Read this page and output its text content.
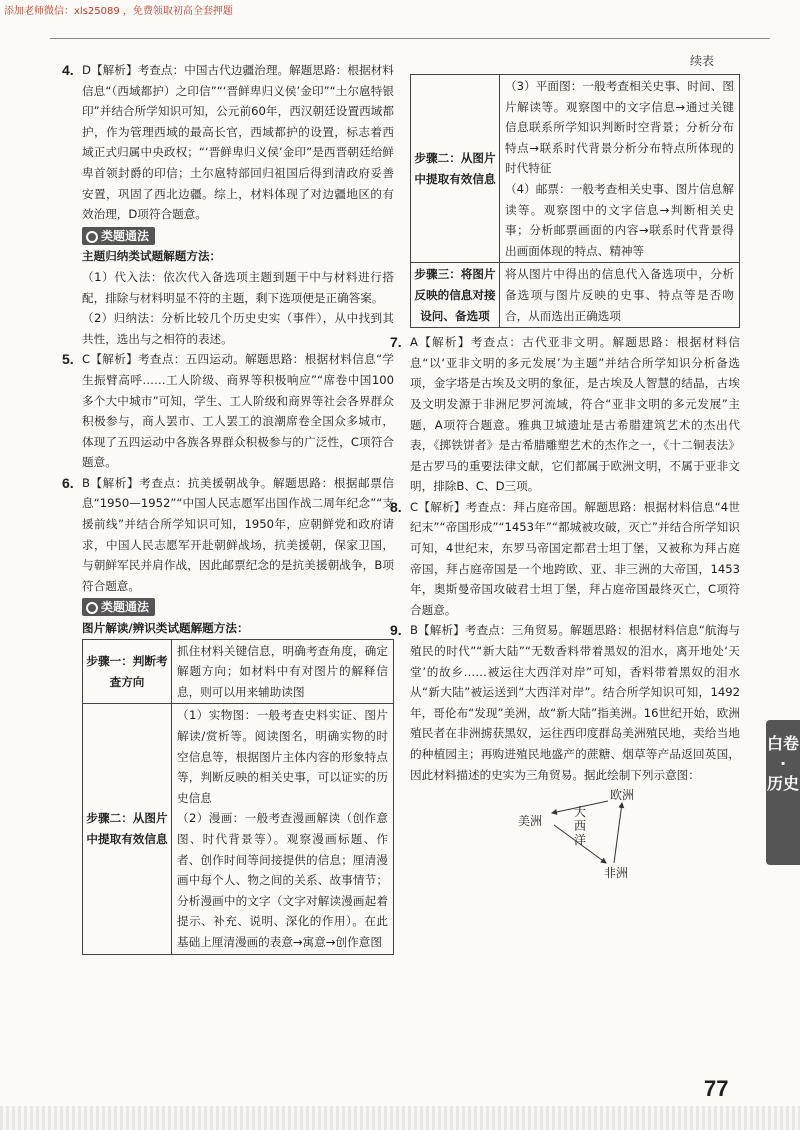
添加老师微信：xls25089 ，免费领取初高全套押题
续表
4. D【解析】考查点：中国古代边疆治理。解题思路：根据材料信息“（西域都护）之印信”“‘晋鲜卑归义侯’金印”“土尔扈特银印”并结合所学知识可知，公元前60年，西汉朝廷设置西域都护，作为管理西域的最高长官，西域都护的设置，标志着西域正式归属中央政权；“‘晋鲜卑归义侯’金印”是西晋朝廷给鲜卑首领封爵的印信；土尔扈特部回归祖国后得到清政府妥善安置，巩固了西北边疆。综上，材料体现了对边疆地区的有效治理，D项符合题意。

类题通法

主题归纳类试题解题方法：

（1）代入法：依次代入备选项主题到题干中与材料进行搭配，排除与材料明显不符的主题，剩下选项便是正确答案。

（2）归纳法：分析比较几个历史史实（事件），从中找到其共性，选出与之相符的表述。

5. C【解析】考查点：五四运动。解题思路：根据材料信息“学生振臂高呼……工人阶级、商界等积极响应”“席卷中国100多个大中城市”可知，学生、工人阶级和商界等社会各界群众积极参与，商人罢市、工人罢工的浪潮席卷全国众多城市，体现了五四运动中各族各界群众积极参与的广泛性，C项符合题意。

6. B【解析】考查点：抗美援朝战争。解题思路：根据邮票信息“1950—1952”“中国人民志愿军出国作战二周年纪念”“支援前线”并结合所学知识可知，1950年，应朝鲜党和政府请求，中国人民志愿军开赴朝鲜战场，抗美援朝，保家卫国，与朝鲜军民并肩作战，因此邮票纪念的是抗美援朝战争，B项符合题意。

类题通法

图片解读/辨识类试题解题方法：

步骤一：判断考查方向	抓住材料关键信息，明确考查角度，确定解题方向；如材料中有对图片的解释信息，则可以用来辅助读图
步骤二：从图片中提取有效信息	（1）实物图：一般考查史料实证、图片解读/赏析等。阅读图名，明确实物的时空信息等，根据图片主体内容的形象特点等，判断反映的相关史事，可以证实的历史信息

（2）漫画：一般考查漫画解读（创作意图、时代背景等）。观察漫画标题、作者、创作时间等间接提供的信息；厘清漫画中每个人、物之间的关系、故事情节；分析漫画中的文字（文字对解读漫画起着提示、补充、说明、深化的作用）。在此基础上厘清漫画的表意→寓意→创作意图

步骤二：从图片中提取有效信息	（3）平面图：一般考查相关史事、时间、图片解读等。观察图中的文字信息→通过关键信息联系所学知识判断时空背景；分析分布特点→联系时代背景分析分布特点所体现的时代特征

（4）邮票：一般考查相关史事、图片信息解读等。观察图中的文字信息→判断相关史事；分析邮票画面的内容→联系时代背景得出画面体现的特点、精神等

步骤三：将图片反映的信息对接设问、备选项	将从图片中得出的信息代入备选项中，分析备选项与图片反映的史事、特点等是否吻合，从而选出正确选项
7. A【解析】考查点：古代亚非文明。解题思路：根据材料信息“以‘亚非文明的多元发展’为主题”并结合所学知识分析备选项，金字塔是古埃及文明的象征，是古埃及人智慧的结晶，古埃及文明发源于非洲尼罗河流域，符合“亚非文明的多元发展”主题，A项符合题意。雅典卫城遗址是古希腊建筑艺术的杰出代表，《掷铁饼者》是古希腊雕塑艺术的杰作之一，《十二铜表法》是古罗马的重要法律文献，它们都属于欧洲文明，不属于亚非文明，排除B、C、D三项。

8. C【解析】考查点：拜占庭帝国。解题思路：根据材料信息“4世纪末”“帝国形成”“1453年”“都城被攻破，灭亡”并结合所学知识可知，4世纪末，东罗马帝国定都君士坦丁堡，又被称为拜占庭帝国，拜占庭帝国是一个地跨欧、亚、非三洲的大帝国，1453年，奥斯曼帝国攻破君士坦丁堡，拜占庭帝国最终灭亡，C项符合题意。

9. B【解析】考查点：三角贸易。解题思路：根据材料信息“航海与殖民的时代”“新大陆”“无数香料带着黑奴的泪水，离开地处‘天堂’的故乡……被运往大西洋对岸”可知，香料带着黑奴的泪水从“新大陆”被运送到“大西洋对岸”。结合所学知识可知，1492年，哥伦布“发现”美洲，故“新大陆”指美洲。16世纪开始，欧洲殖民者在非洲掳获黑奴，运往西印度群岛美洲殖民地，卖给当地的种植园主；再购进殖民地盛产的蔗糖、烟草等产品返回英国，因此材料描述的史实为三角贸易。据此绘制下列示意图：

欧洲
美洲
大西洋
非洲
白卷
·
历史
77
